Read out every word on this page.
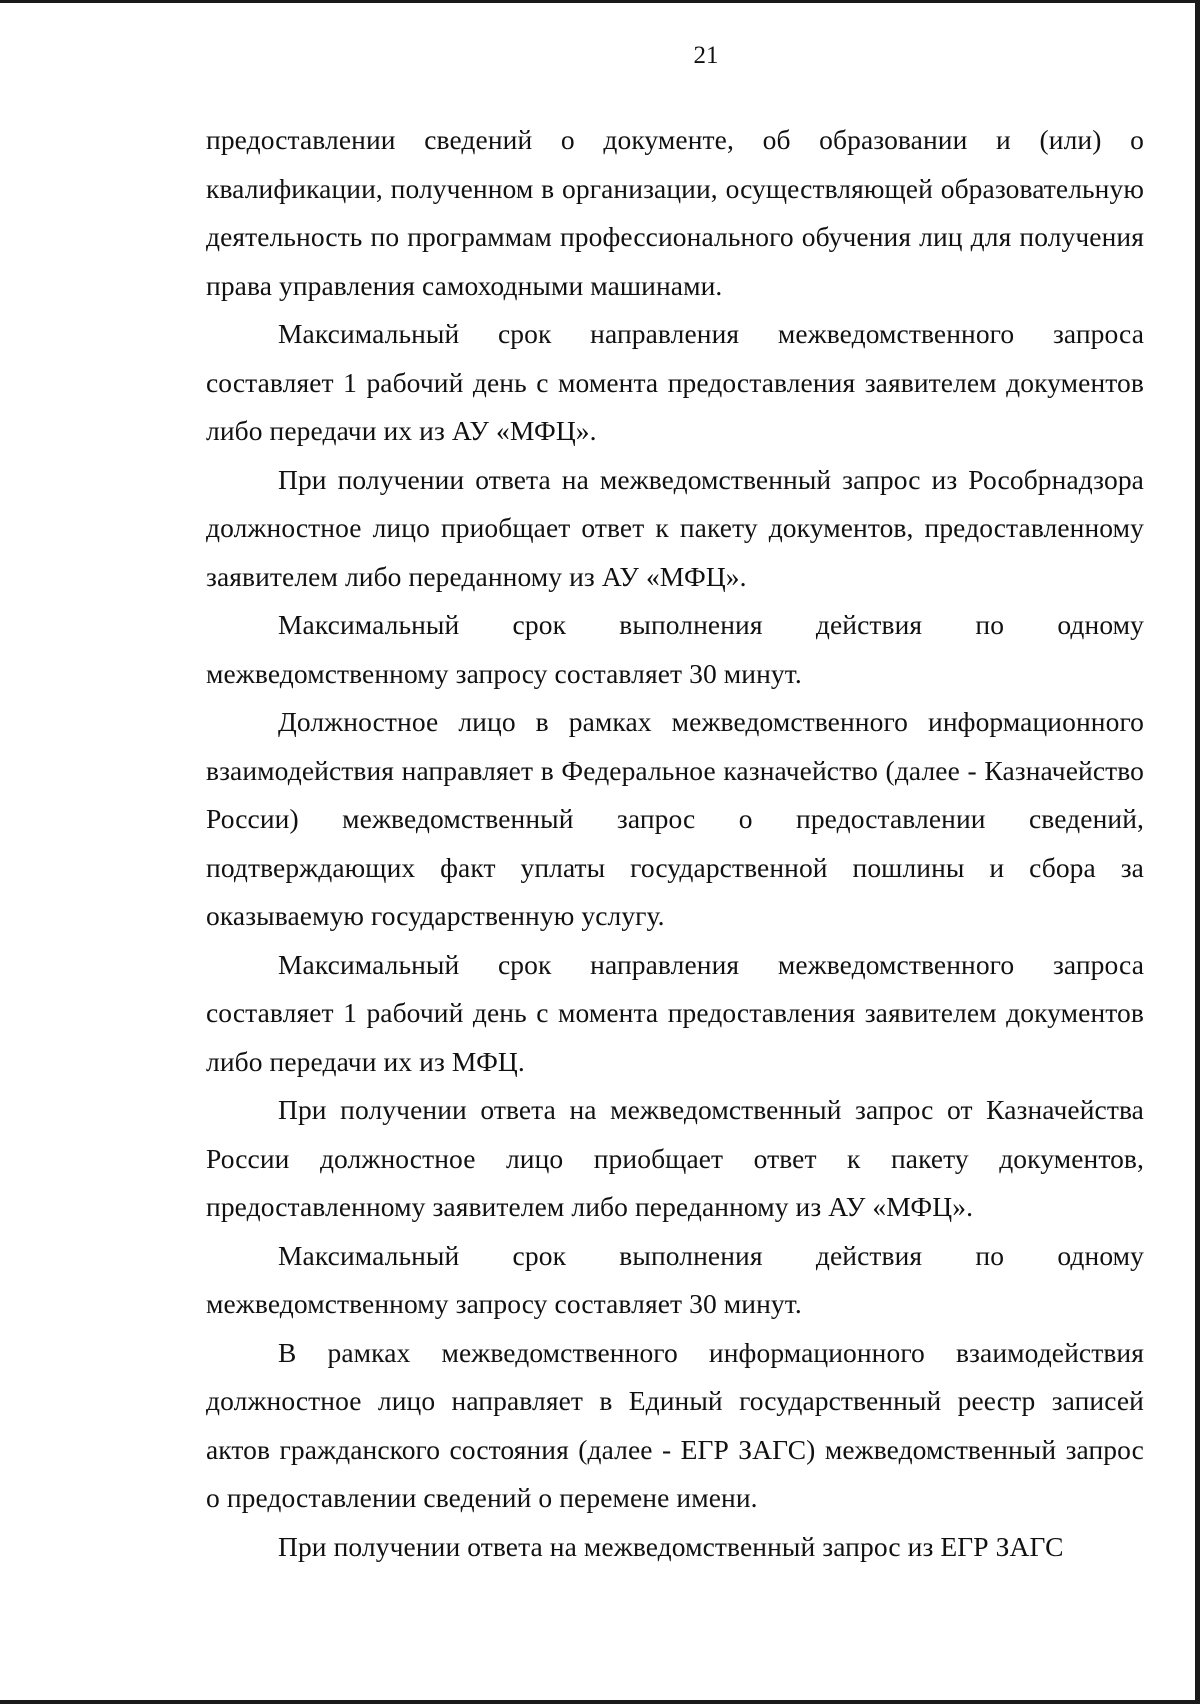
21

предоставлении сведений о документе, об образовании и (или) о квалификации, полученном в организации, осуществляющей образовательную деятельность по программам профессионального обучения лиц для получения права управления самоходными машинами.

Максимальный срок направления межведомственного запроса составляет 1 рабочий день с момента предоставления заявителем документов либо передачи их из АУ «МФЦ».

При получении ответа на межведомственный запрос из Рособрнадзора должностное лицо приобщает ответ к пакету документов, предоставленному заявителем либо переданному из АУ «МФЦ».

Максимальный срок выполнения действия по одному межведомственному запросу составляет 30 минут.

Должностное лицо в рамках межведомственного информационного взаимодействия направляет в Федеральное казначейство (далее - Казначейство России) межведомственный запрос о предоставлении сведений, подтверждающих факт уплаты государственной пошлины и сбора за оказываемую государственную услугу.

Максимальный срок направления межведомственного запроса составляет 1 рабочий день с момента предоставления заявителем документов либо передачи их из МФЦ.

При получении ответа на межведомственный запрос от Казначейства России должностное лицо приобщает ответ к пакету документов, предоставленному заявителем либо переданному из АУ «МФЦ».

Максимальный срок выполнения действия по одному межведомственному запросу составляет 30 минут.

В рамках межведомственного информационного взаимодействия должностное лицо направляет в Единый государственный реестр записей актов гражданского состояния (далее - ЕГР ЗАГС) межведомственный запрос о предоставлении сведений о перемене имени.

При получении ответа на межведомственный запрос из ЕГР ЗАГС
